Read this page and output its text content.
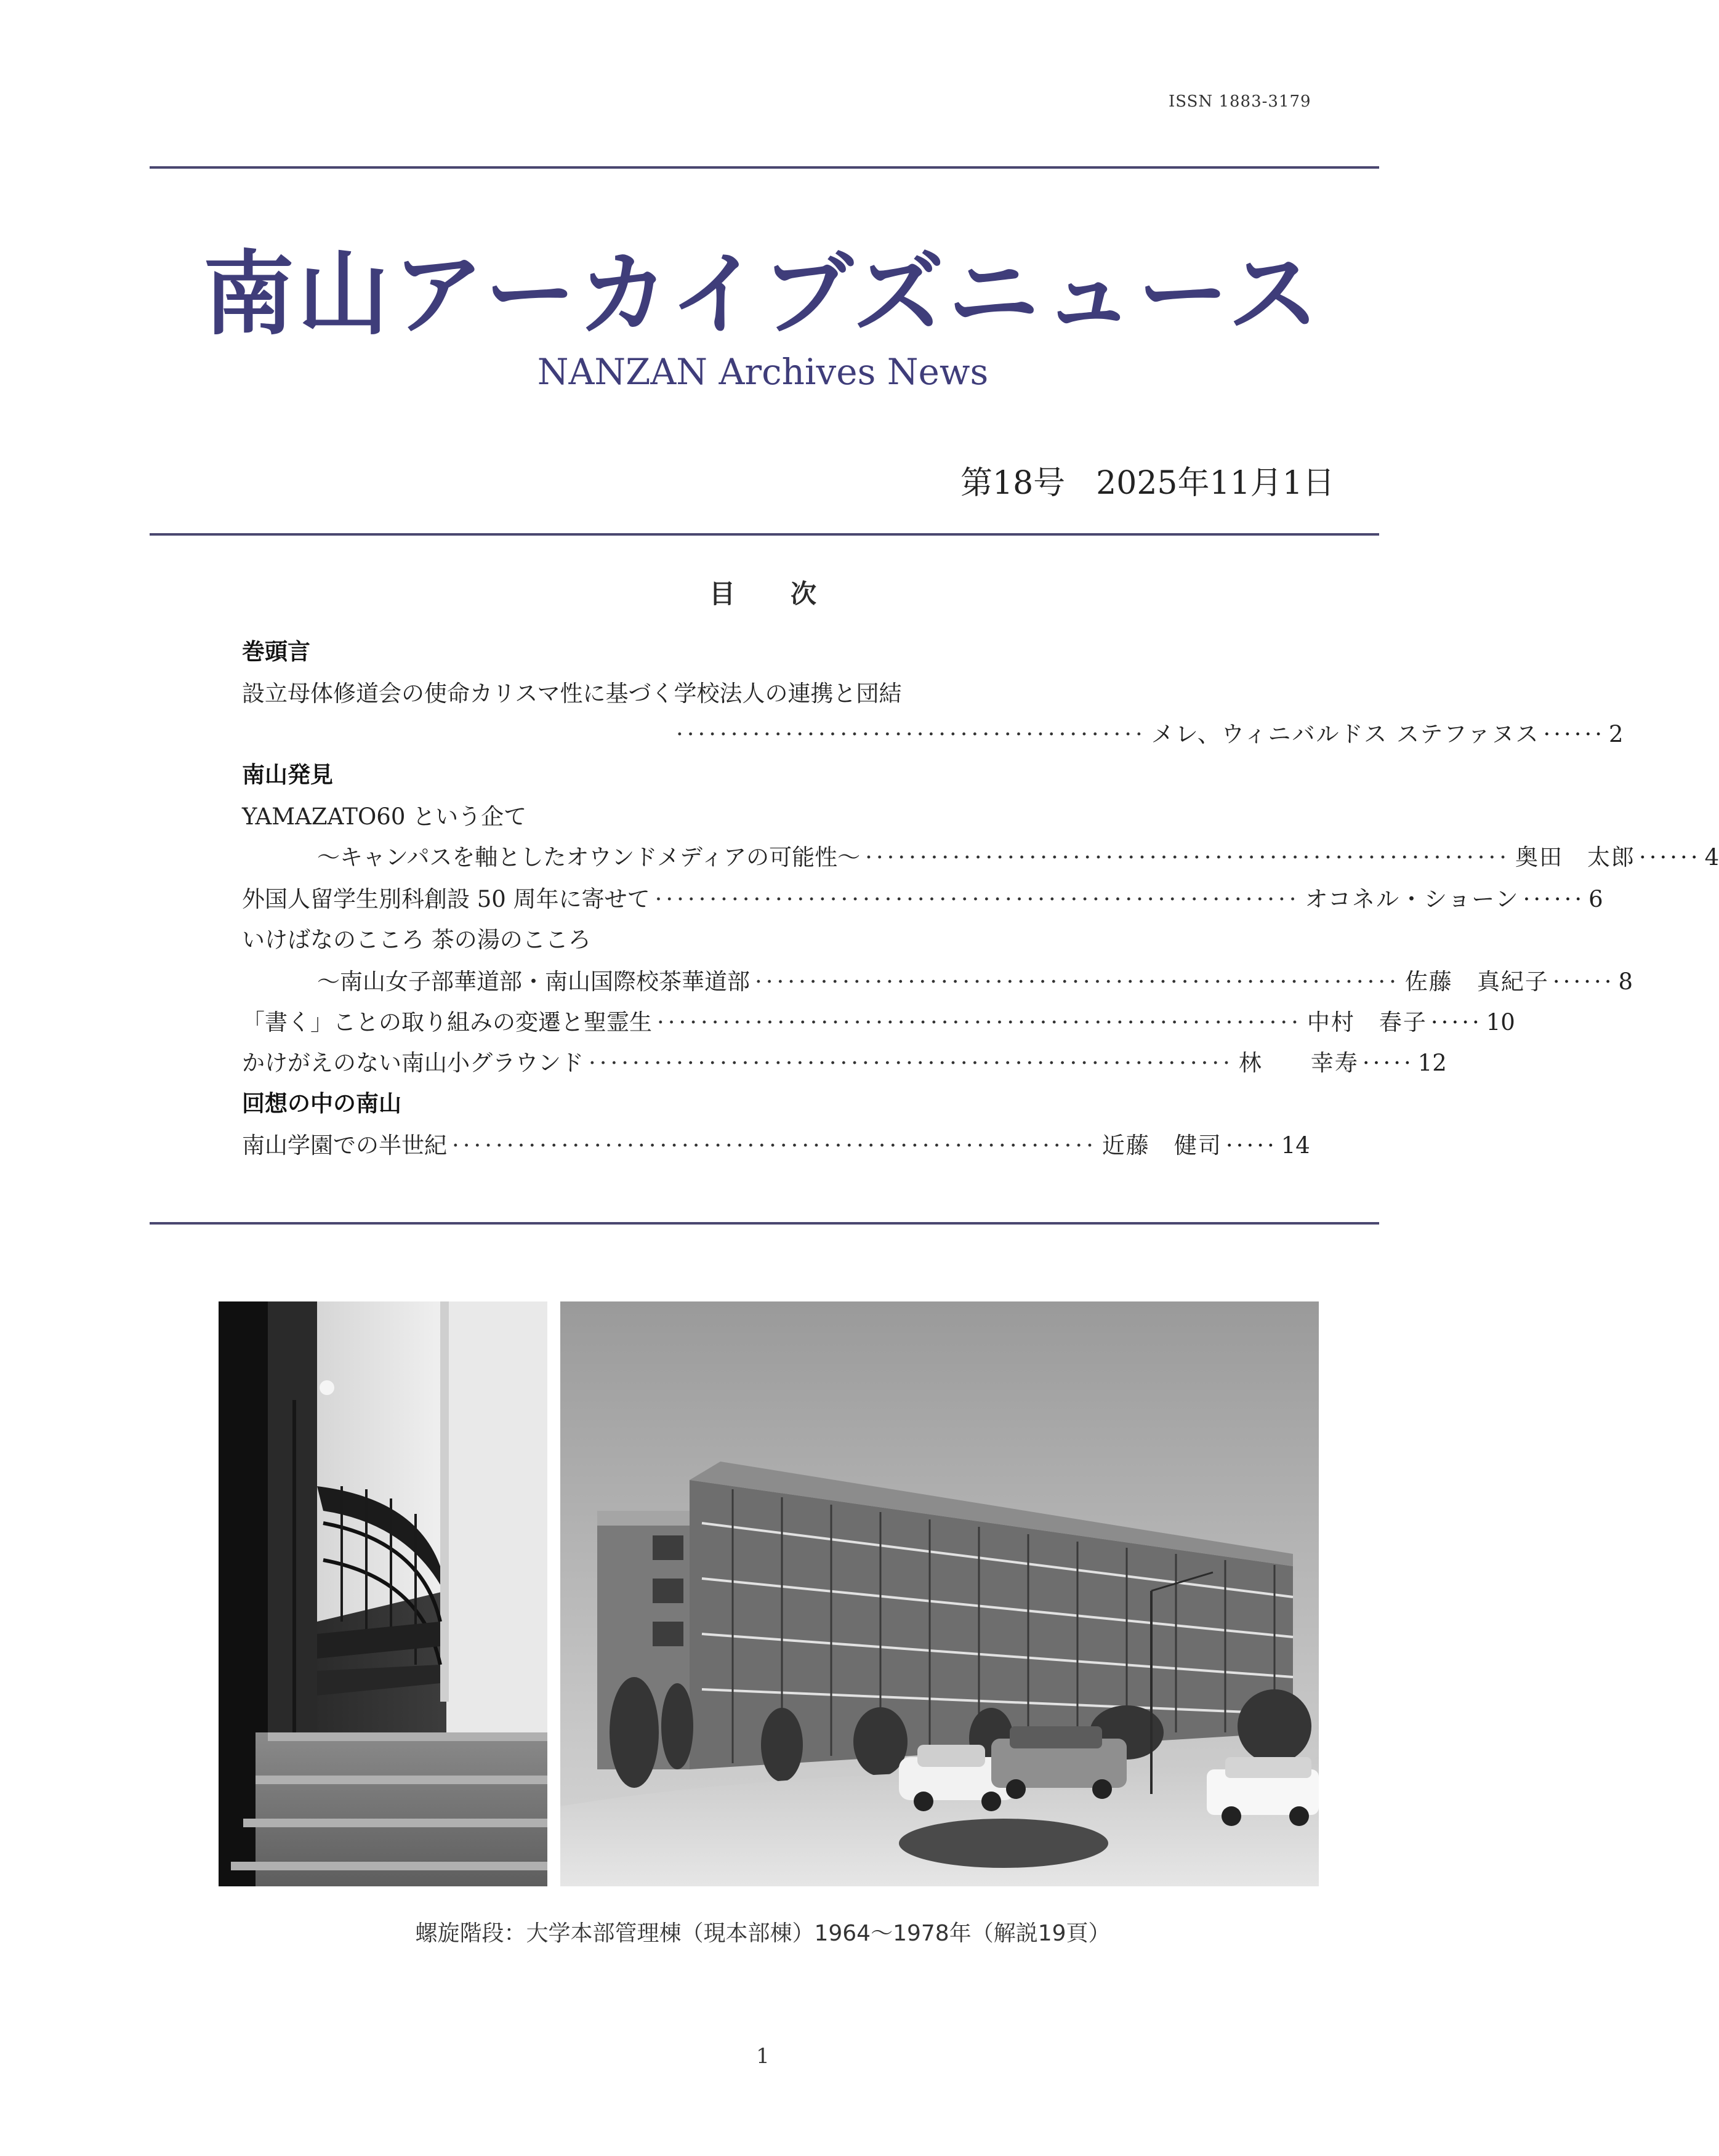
ISSN 1883-3179
南山アーカイブズニュース
NANZAN Archives News
第18号 2025年11月1日
目次
巻頭言
設立母体修道会の使命カリスマ性に基づく学校法人の連携と団結
··········································· メレ、ウィニバルドス ステファヌス ······ 2
南山発見
YAMAZATO60 という企て
〜キャンパスを軸としたオウンドメディアの可能性〜 ··························································· 奥田　太郎 ······ 4
外国人留学生別科創設 50 周年に寄せて ··························································· オコネル・ショーン ······ 6
いけばなのこころ 茶の湯のこころ
〜南山女子部華道部・南山国際校茶華道部 ··························································· 佐藤　真紀子 ······ 8
「書く」ことの取り組みの変遷と聖霊生 ··························································· 中村　春子 ····· 10
かけがえのない南山小グラウンド ··························································· 林　　幸寿 ····· 12
回想の中の南山
南山学園での半世紀 ··························································· 近藤　健司 ····· 14
螺旋階段：大学本部管理棟（現本部棟）1964〜1978年（解説19頁）
1
